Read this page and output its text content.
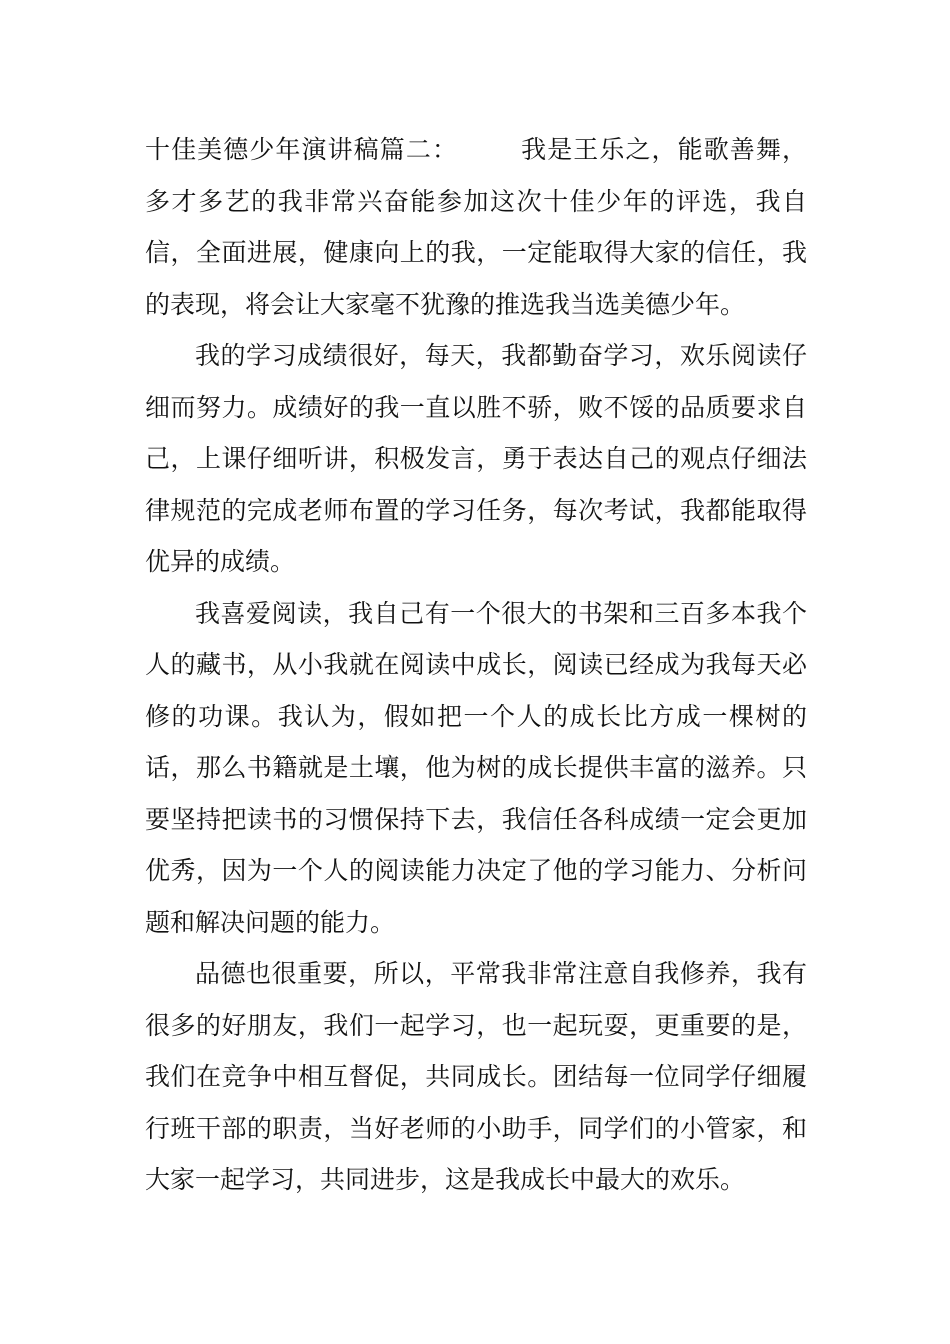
十佳美德少年演讲稿篇二： 我是王乐之，能歌善舞，多才多艺的我非常兴奋能参加这次十佳少年的评选，我自信，全面进展，健康向上的我，一定能取得大家的信任，我的表现，将会让大家毫不犹豫的推选我当选美德少年。

我的学习成绩很好，每天，我都勤奋学习，欢乐阅读仔细而努力。成绩好的我一直以胜不骄，败不馁的品质要求自己，上课仔细听讲，积极发言，勇于表达自己的观点仔细法律规范的完成老师布置的学习任务，每次考试，我都能取得优异的成绩。

我喜爱阅读，我自己有一个很大的书架和三百多本我个人的藏书，从小我就在阅读中成长，阅读已经成为我每天必修的功课。我认为，假如把一个人的成长比方成一棵树的话，那么书籍就是土壤，他为树的成长提供丰富的滋养。只要坚持把读书的习惯保持下去，我信任各科成绩一定会更加优秀，因为一个人的阅读能力决定了他的学习能力、分析问题和解决问题的能力。

品德也很重要，所以，平常我非常注意自我修养，我有很多的好朋友，我们一起学习，也一起玩耍，更重要的是，我们在竞争中相互督促，共同成长。团结每一位同学仔细履行班干部的职责，当好老师的小助手，同学们的小管家，和大家一起学习，共同进步，这是我成长中最大的欢乐。
